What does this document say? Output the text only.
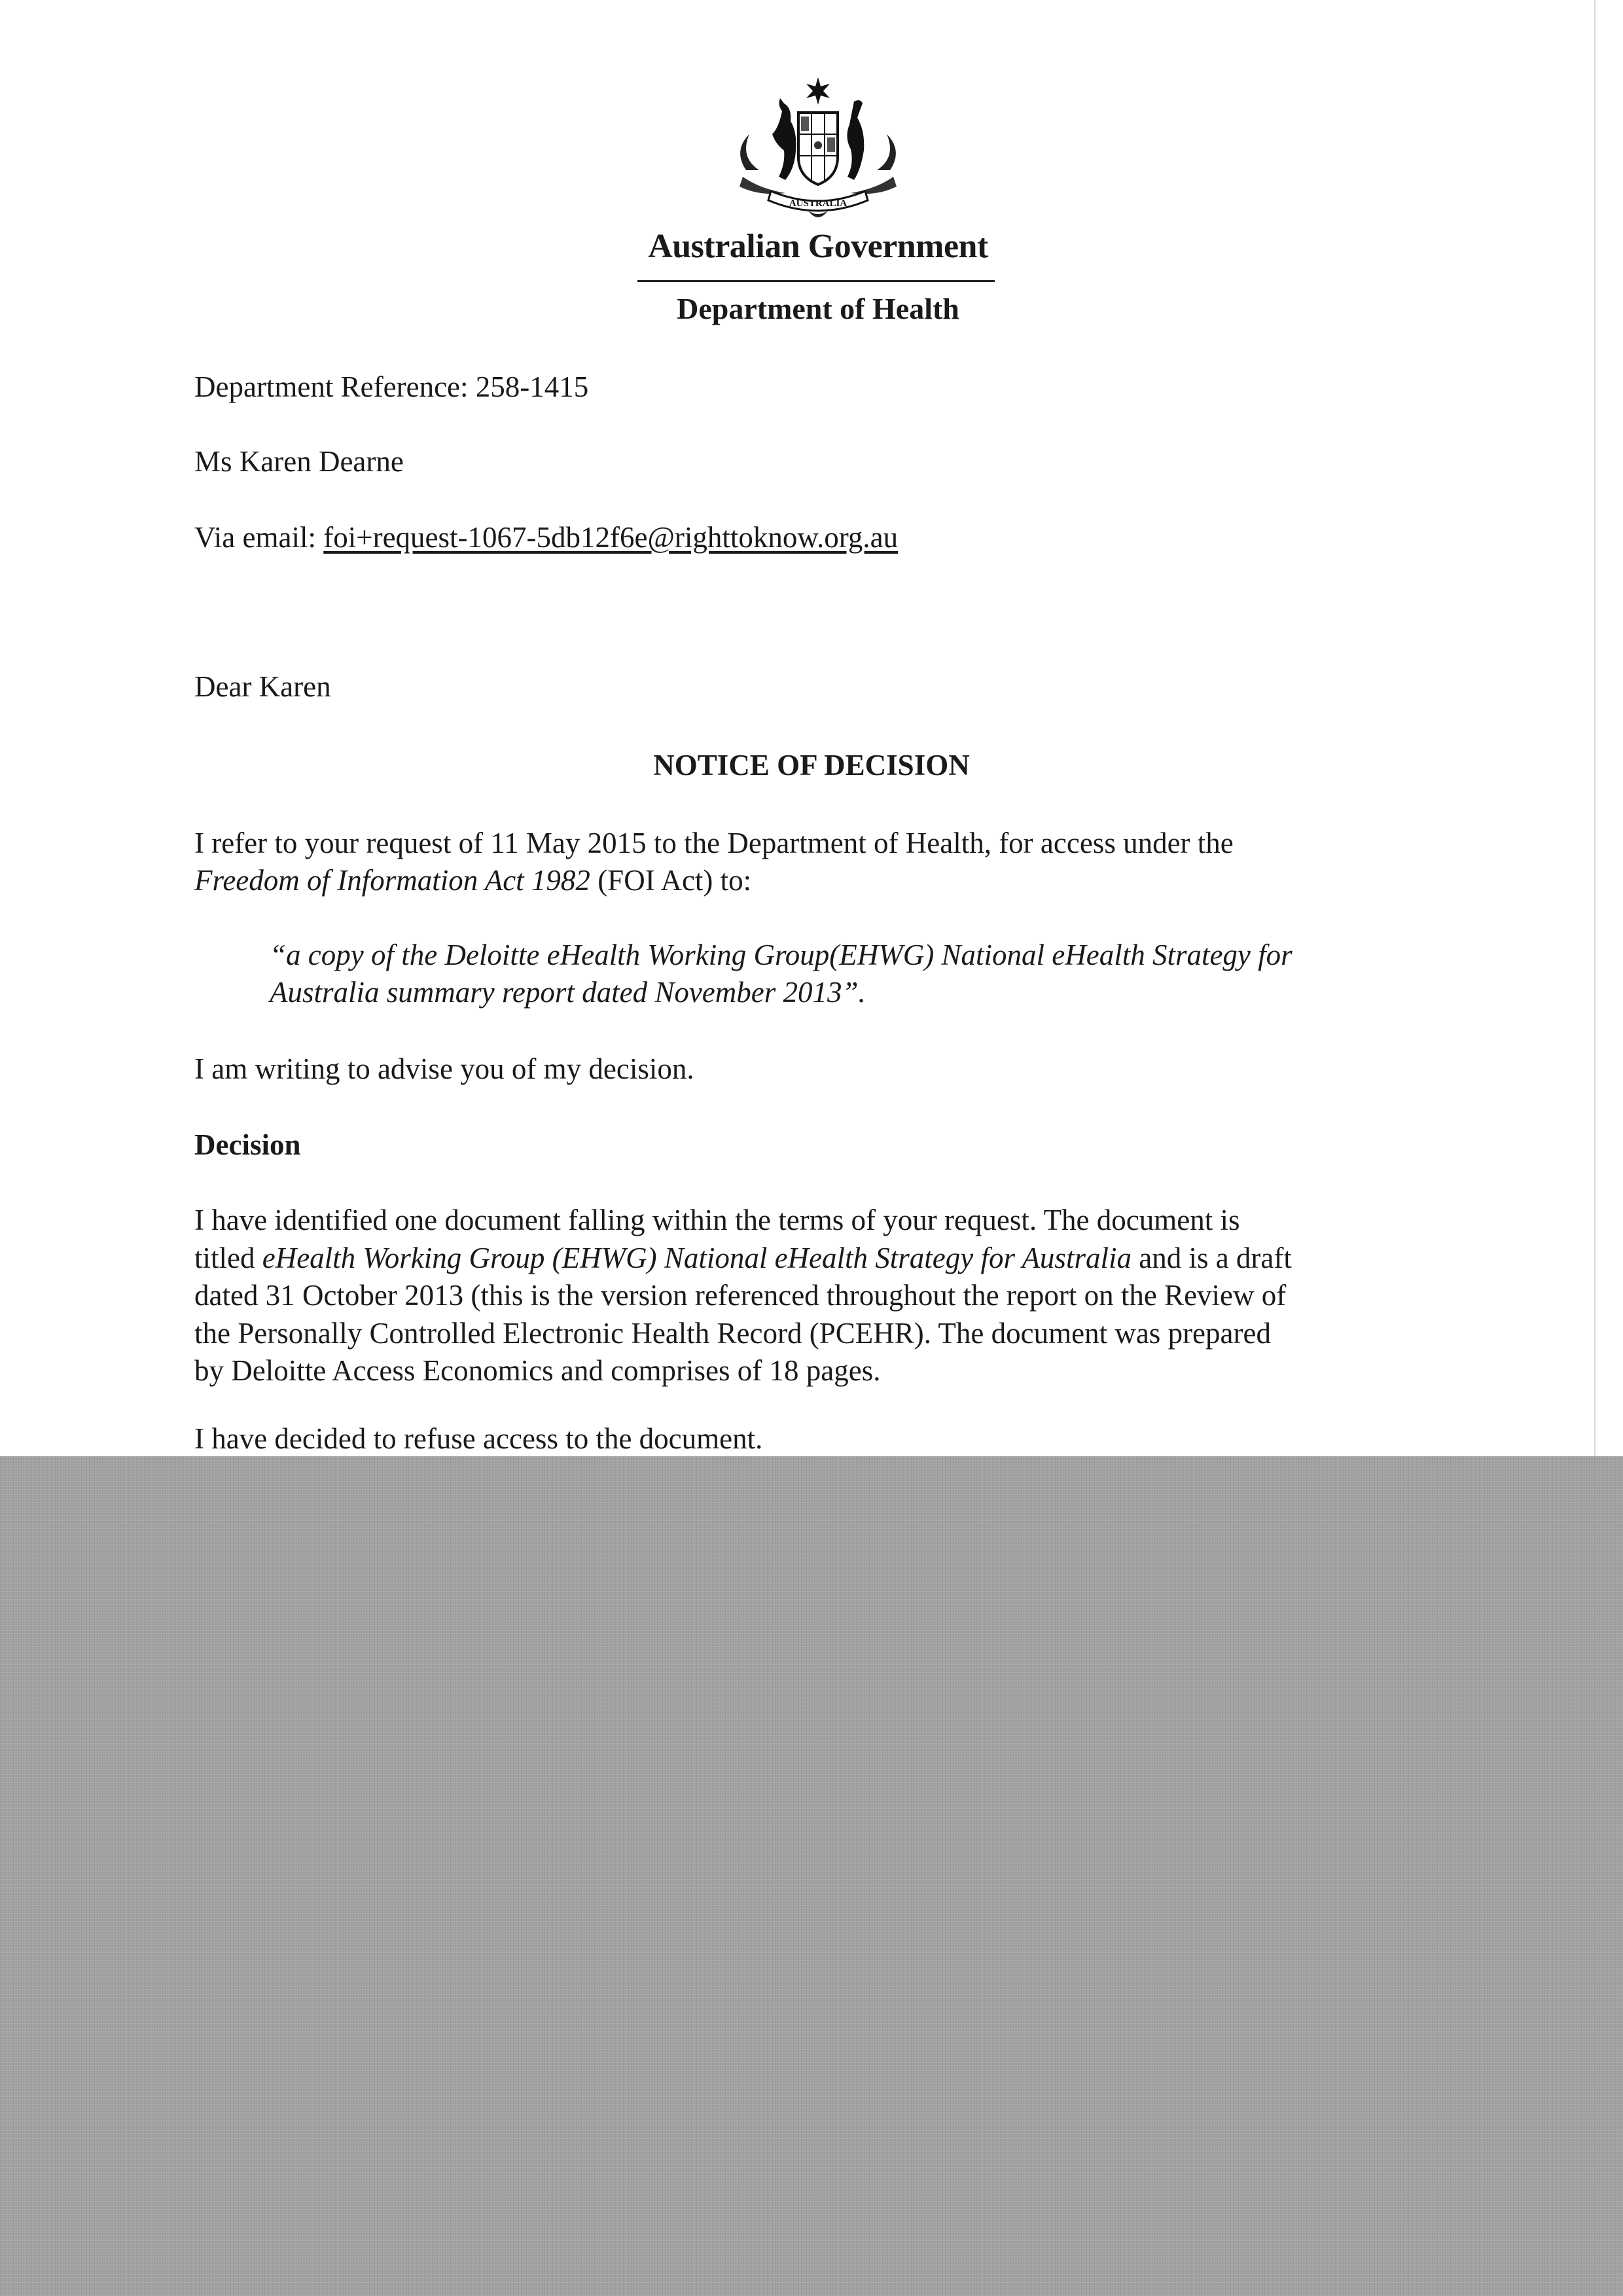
AUSTRALIA
Australian Government
Department of Health
Department Reference: 258-1415
Ms Karen Dearne
Via email: foi+request-1067-5db12f6e@righttoknow.org.au
Dear Karen
NOTICE OF DECISION
I refer to your request of 11 May 2015 to the Department of Health, for access under the
Freedom of Information Act 1982 (FOI Act) to:
“a copy of the Deloitte eHealth Working Group(EHWG) National eHealth Strategy for
Australia summary report dated November 2013”.
I am writing to advise you of my decision.
Decision
I have identified one document falling within the terms of your request. The document is
titled eHealth Working Group (EHWG) National eHealth Strategy for Australia and is a draft
dated 31 October 2013 (this is the version referenced throughout the report on the Review of
the Personally Controlled Electronic Health Record (PCEHR). The document was prepared
by Deloitte Access Economics and comprises of 18 pages.
I have decided to refuse access to the document.
